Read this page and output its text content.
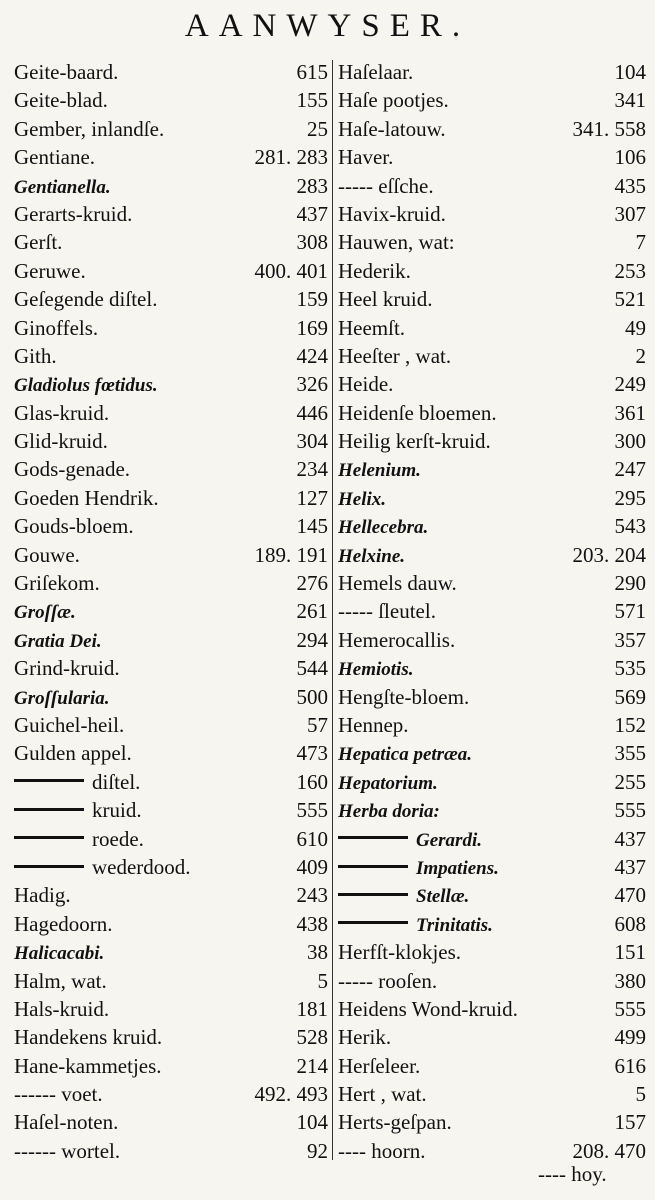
AANWYSER.
Geite-baard.	615
Geite-blad.	155
Gember, inlandſe.	25
Gentiane.	281. 283
Gentianella.	283
Gerarts-kruid.	437
Gerſt.	308
Geruwe.	400. 401
Geſegende diſtel.	159
Ginoffels.	169
Gith.	424
Gladiolus fœtidus.	326
Glas-kruid.	446
Glid-kruid.	304
Gods-genade.	234
Goeden Hendrik.	127
Gouds-bloem.	145
Gouwe.	189. 191
Griſekom.	276
Groſſæ.	261
Gratia Dei.	294
Grind-kruid.	544
Groſſularia.	500
Guichel-heil.	57
Gulden appel.	473
diſtel.	160
kruid.	555
roede.	610
wederdood.	409
Hadig.	243
Hagedoorn.	438
Halicacabi.	38
Halm, wat.	5
Hals-kruid.	181
Handekens kruid.	528
Hane-kammetjes.	214
------ voet.	492. 493
Haſel-noten.	104
------ wortel.	92
Haſelaar.	104
Haſe pootjes.	341
Haſe-latouw.	341. 558
Haver.	106
----- eſſche.	435
Havix-kruid.	307
Hauwen, wat:	7
Hederik.	253
Heel kruid.	521
Heemſt.	49
Heeſter , wat.	2
Heide.	249
Heidenſe bloemen.	361
Heilig kerſt-kruid.	300
Helenium.	247
Helix.	295
Hellecebra.	543
Helxine.	203. 204
Hemels dauw.	290
----- ſleutel.	571
Hemerocallis.	357
Hemiotis.	535
Hengſte-bloem.	569
Hennep.	152
Hepatica petræa.	355
Hepatorium.	255
Herba doria:	555
Gerardi.	437
Impatiens.	437
Stellæ.	470
Trinitatis.	608
Herfſt-klokjes.	151
----- rooſen.	380
Heidens Wond-kruid.	555
Herik.	499
Herſeleer.	616
Hert , wat.	5
Herts-geſpan.	157
---- hoorn.	208. 470
---- hoy.
